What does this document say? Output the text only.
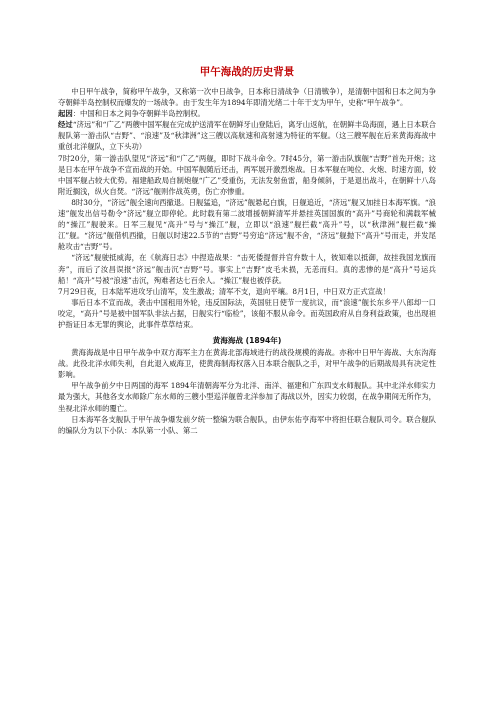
甲午海战的历史背景

中日甲午战争，简称甲午战争，又称第一次中日战争，日本称日清战争（日清戦争），是清朝中国和日本之间为争夺朝鲜半岛控制权而爆发的一场战争。由于发生年为1894年即清光绪二十年干支为甲午，史称“甲午战争”。

起因：中国和日本之间争夺朝鲜半岛控制权。

经过“济远”和“广乙”两艘中国军舰在完成护送清军在朝鲜牙山登陆后，离牙山返航，在朝鲜丰岛海面，遇上日本联合舰队第一游击队“吉野”、“浪速”及“秋津洲”这三艘以高航速和高射速为特征的军舰。（这三艘军舰在后来黄海海战中重创北洋舰队，立下头功）

7时20分，第一游击队望见“济远”和“广乙”两舰，即时下战斗命令。7时45分，第一游击队旗舰“吉野”首先开炮；这是日本在甲午战争不宣而战的开始。中国军舰随后还击，两军展开激烈炮战。日本军舰在吨位、火炮、时速方面，较中国军舰占较大优势。福建船政局自制炮舰“广乙”受重伤，无法发射鱼雷，船身倾斜，于是退出战斗，在朝鲜十八岛附近搁浅，纵火自焚。“济远”舰则作战英勇，伤亡亦惨重。

8时30分，“济远”舰全速向西撤退。日舰猛追，“济远”舰悬起白旗，日舰追近，“济远”舰又加挂日本海军旗。“浪速”舰发出信号勒令“济远”舰立即停轮。此时载有第二波增援朝鲜清军并悬挂英国国旗的“高升”号商轮和满载军械的“操江”舰驶来。日军三舰见“高升”号与“操江”舰，立即以“浪速”舰拦截“高升”号，以“秋津洲”舰拦截“操江”舰。“济远”舰借机西撤，日舰以时速22.5节的“吉野”号穷追“济远”舰不舍，“济远”舰抛下“高升”号而走，并发尾舱攻击“吉野”号。

“济远”舰驶抵威海，在《航海日志》中捏造战果：“击死倭提督并官弁数十人，彼知难以抵御，故挂我国龙旗而奔”，而后了汝昌误报“济远”舰击沉“吉野”号。事实上“吉野”皮毛未损，无恙而归。真的悲惨的是“高升”号运兵船！“高升”号被“浪速”击沉，殉难者达七百余人。“操江”舰也被俘获。

7月29日夜，日本陆军进攻牙山清军，发生激战；清军不支，退向平壤。8月1日，中日双方正式宣战！

事后日本不宣而战，袭击中国租用外轮，违反国际法，英国驻日使节一度抗议，而“浪速”舰长东乡平八郎却一口咬定，“高升”号是被中国军队非法占据，日舰实行“临检”，该船不服从命令。而英国政府从自身利益政策，也出现袒护指证日本无罪的舆论，此事件草草结束。

黄海海战 (1894年)

黄海海战是中日甲午战争中双方海军主力在黄海北部海域进行的战役规模的海战。亦称中日甲午海战、大东沟海战。此役北洋水师失利，自此退入威海卫，使黄海制海权落入日本联合舰队之手，对甲午战争的后期战局具有决定性影响。

甲午战争前夕中日两国的海军 1894年清朝海军分为北洋、南洋、福建和广东四支水师舰队。其中北洋水师实力最为强大，其他各支水师除广东水师的三艘小型巡洋舰曾北洋参加了海战以外，因实力较弱，在战争期间无所作为，坐视北洋水师的覆亡。

日本海军各支舰队于甲午战争爆发前夕统一整编为联合舰队，由伊东佑亨海军中将担任联合舰队司令。联合舰队的编队分为以下小队：本队第一小队、第二
